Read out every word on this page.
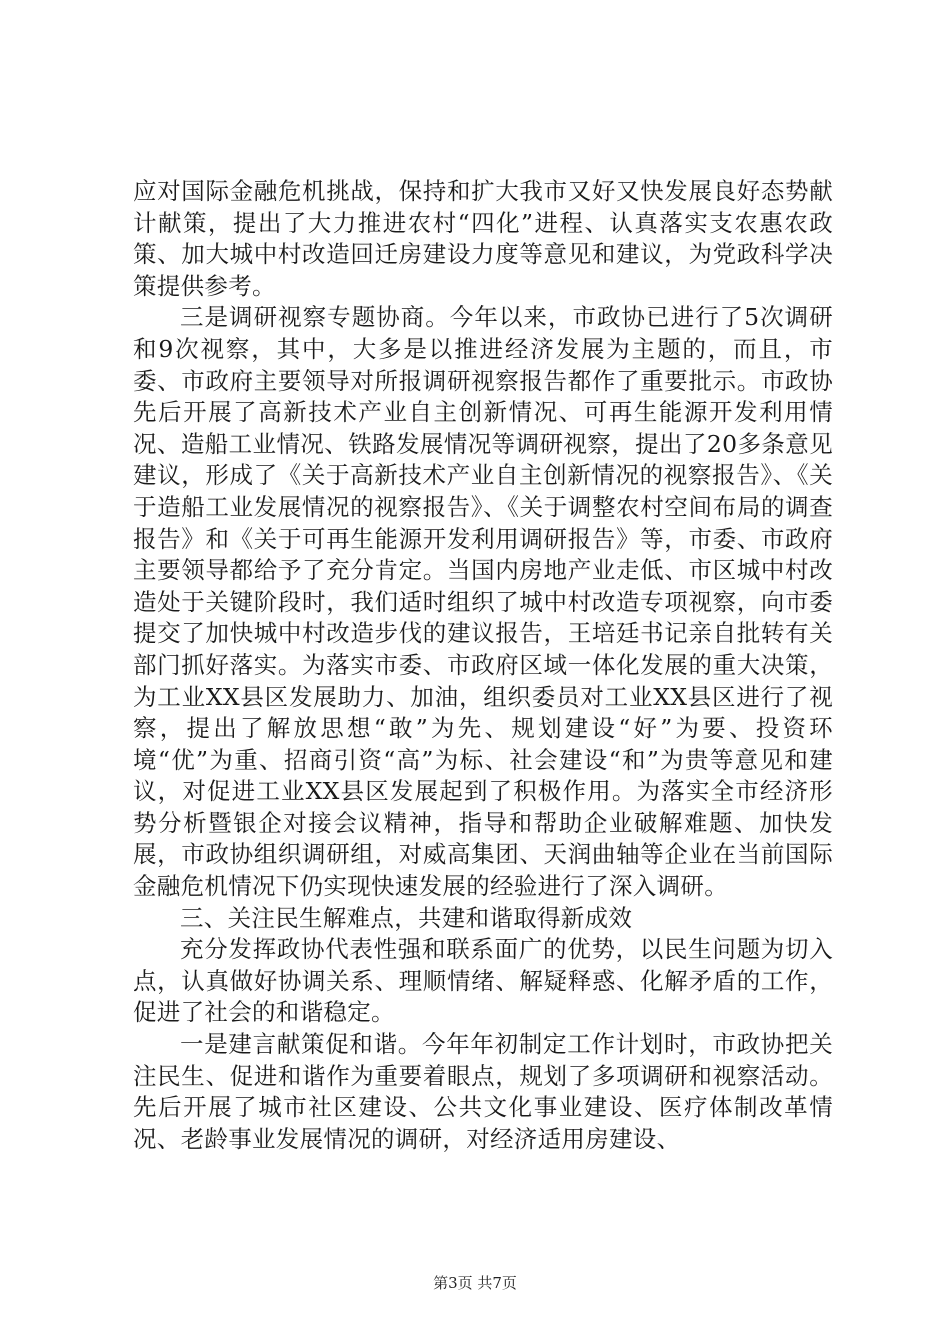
应对国际金融危机挑战，保持和扩大我市又好又快发展良好态势献计献策，提出了大力推进农村“四化”进程、认真落实支农惠农政策、加大城中村改造回迁房建设力度等意见和建议，为党政科学决策提供参考。

三是调研视察专题协商。今年以来，市政协已进行了5次调研和9次视察，其中，大多是以推进经济发展为主题的，而且，市委、市政府主要领导对所报调研视察报告都作了重要批示。市政协先后开展了高新技术产业自主创新情况、可再生能源开发利用情况、造船工业情况、铁路发展情况等调研视察，提出了20多条意见建议，形成了《关于高新技术产业自主创新情况的视察报告》、《关于造船工业发展情况的视察报告》、《关于调整农村空间布局的调查报告》和《关于可再生能源开发利用调研报告》等，市委、市政府主要领导都给予了充分肯定。当国内房地产业走低、市区城中村改造处于关键阶段时，我们适时组织了城中村改造专项视察，向市委提交了加快城中村改造步伐的建议报告，王培廷书记亲自批转有关部门抓好落实。为落实市委、市政府区域一体化发展的重大决策，为工业XX县区发展助力、加油，组织委员对工业XX县区进行了视察，提出了解放思想“敢”为先、规划建设“好”为要、投资环境“优”为重、招商引资“高”为标、社会建设“和”为贵等意见和建议，对促进工业XX县区发展起到了积极作用。为落实全市经济形势分析暨银企对接会议精神，指导和帮助企业破解难题、加快发展，市政协组织调研组，对威高集团、天润曲轴等企业在当前国际金融危机情况下仍实现快速发展的经验进行了深入调研。

三、关注民生解难点，共建和谐取得新成效

充分发挥政协代表性强和联系面广的优势，以民生问题为切入点，认真做好协调关系、理顺情绪、解疑释惑、化解矛盾的工作，促进了社会的和谐稳定。

一是建言献策促和谐。今年年初制定工作计划时，市政协把关注民生、促进和谐作为重要着眼点，规划了多项调研和视察活动。先后开展了城市社区建设、公共文化事业建设、医疗体制改革情况、老龄事业发展情况的调研，对经济适用房建设、

第3页 共7页
